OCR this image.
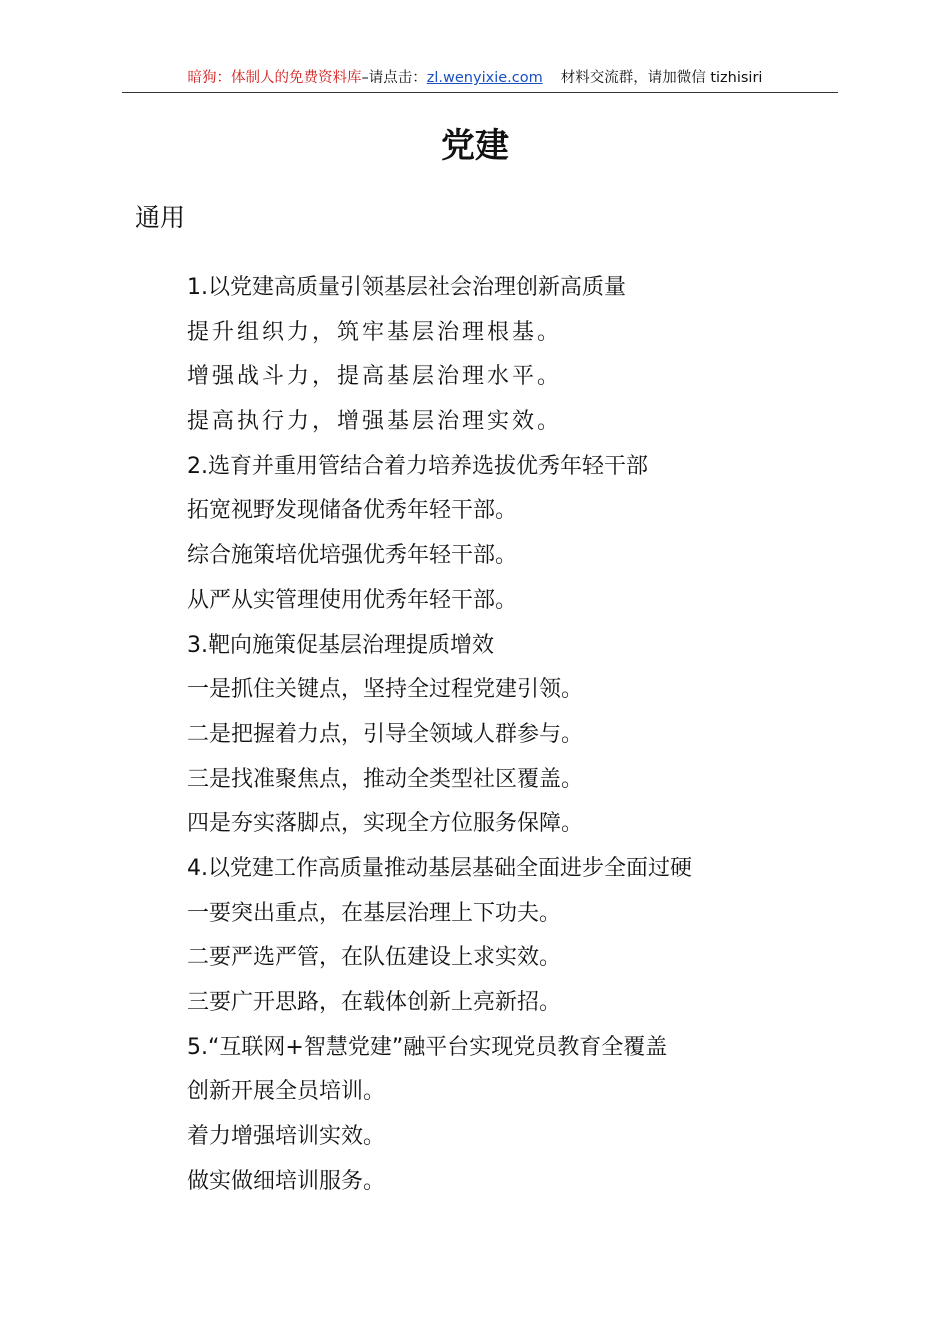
暗狗：体制人的免费资料库–请点击：zl.wenyixie.com 材料交流群，请加微信 tizhisiri
党建
通用
1.以党建高质量引领基层社会治理创新高质量
提升组织力，筑牢基层治理根基。
增强战斗力，提高基层治理水平。
提高执行力，增强基层治理实效。
2.选育并重用管结合着力培养选拔优秀年轻干部
拓宽视野发现储备优秀年轻干部。
综合施策培优培强优秀年轻干部。
从严从实管理使用优秀年轻干部。
3.靶向施策促基层治理提质增效
一是抓住关键点，坚持全过程党建引领。
二是把握着力点，引导全领域人群参与。
三是找准聚焦点，推动全类型社区覆盖。
四是夯实落脚点，实现全方位服务保障。
4.以党建工作高质量推动基层基础全面进步全面过硬
一要突出重点，在基层治理上下功夫。
二要严选严管，在队伍建设上求实效。
三要广开思路，在载体创新上亮新招。
5.“互联网+智慧党建”融平台实现党员教育全覆盖
创新开展全员培训。
着力增强培训实效。
做实做细培训服务。
